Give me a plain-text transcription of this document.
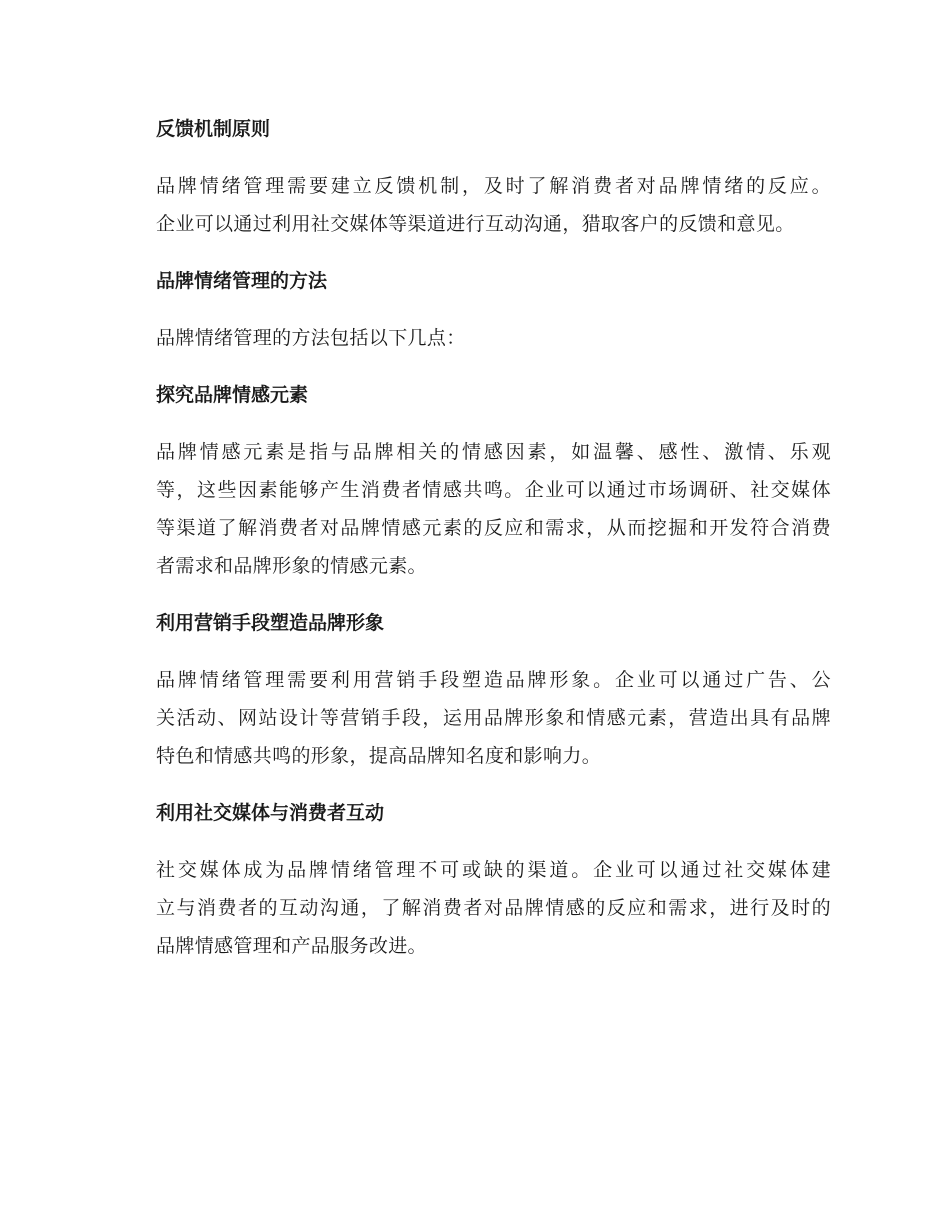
反馈机制原则
品牌情绪管理需要建立反馈机制，及时了解消费者对品牌情绪的反应。
企业可以通过利用社交媒体等渠道进行互动沟通，猎取客户的反馈和意见。
品牌情绪管理的方法
品牌情绪管理的方法包括以下几点：
探究品牌情感元素
品牌情感元素是指与品牌相关的情感因素，如温馨、感性、激情、乐观
等，这些因素能够产生消费者情感共鸣。企业可以通过市场调研、社交媒体
等渠道了解消费者对品牌情感元素的反应和需求，从而挖掘和开发符合消费
者需求和品牌形象的情感元素。
利用营销手段塑造品牌形象
品牌情绪管理需要利用营销手段塑造品牌形象。企业可以通过广告、公
关活动、网站设计等营销手段，运用品牌形象和情感元素，营造出具有品牌
特色和情感共鸣的形象，提高品牌知名度和影响力。
利用社交媒体与消费者互动
社交媒体成为品牌情绪管理不可或缺的渠道。企业可以通过社交媒体建
立与消费者的互动沟通，了解消费者对品牌情感的反应和需求，进行及时的
品牌情感管理和产品服务改进。
